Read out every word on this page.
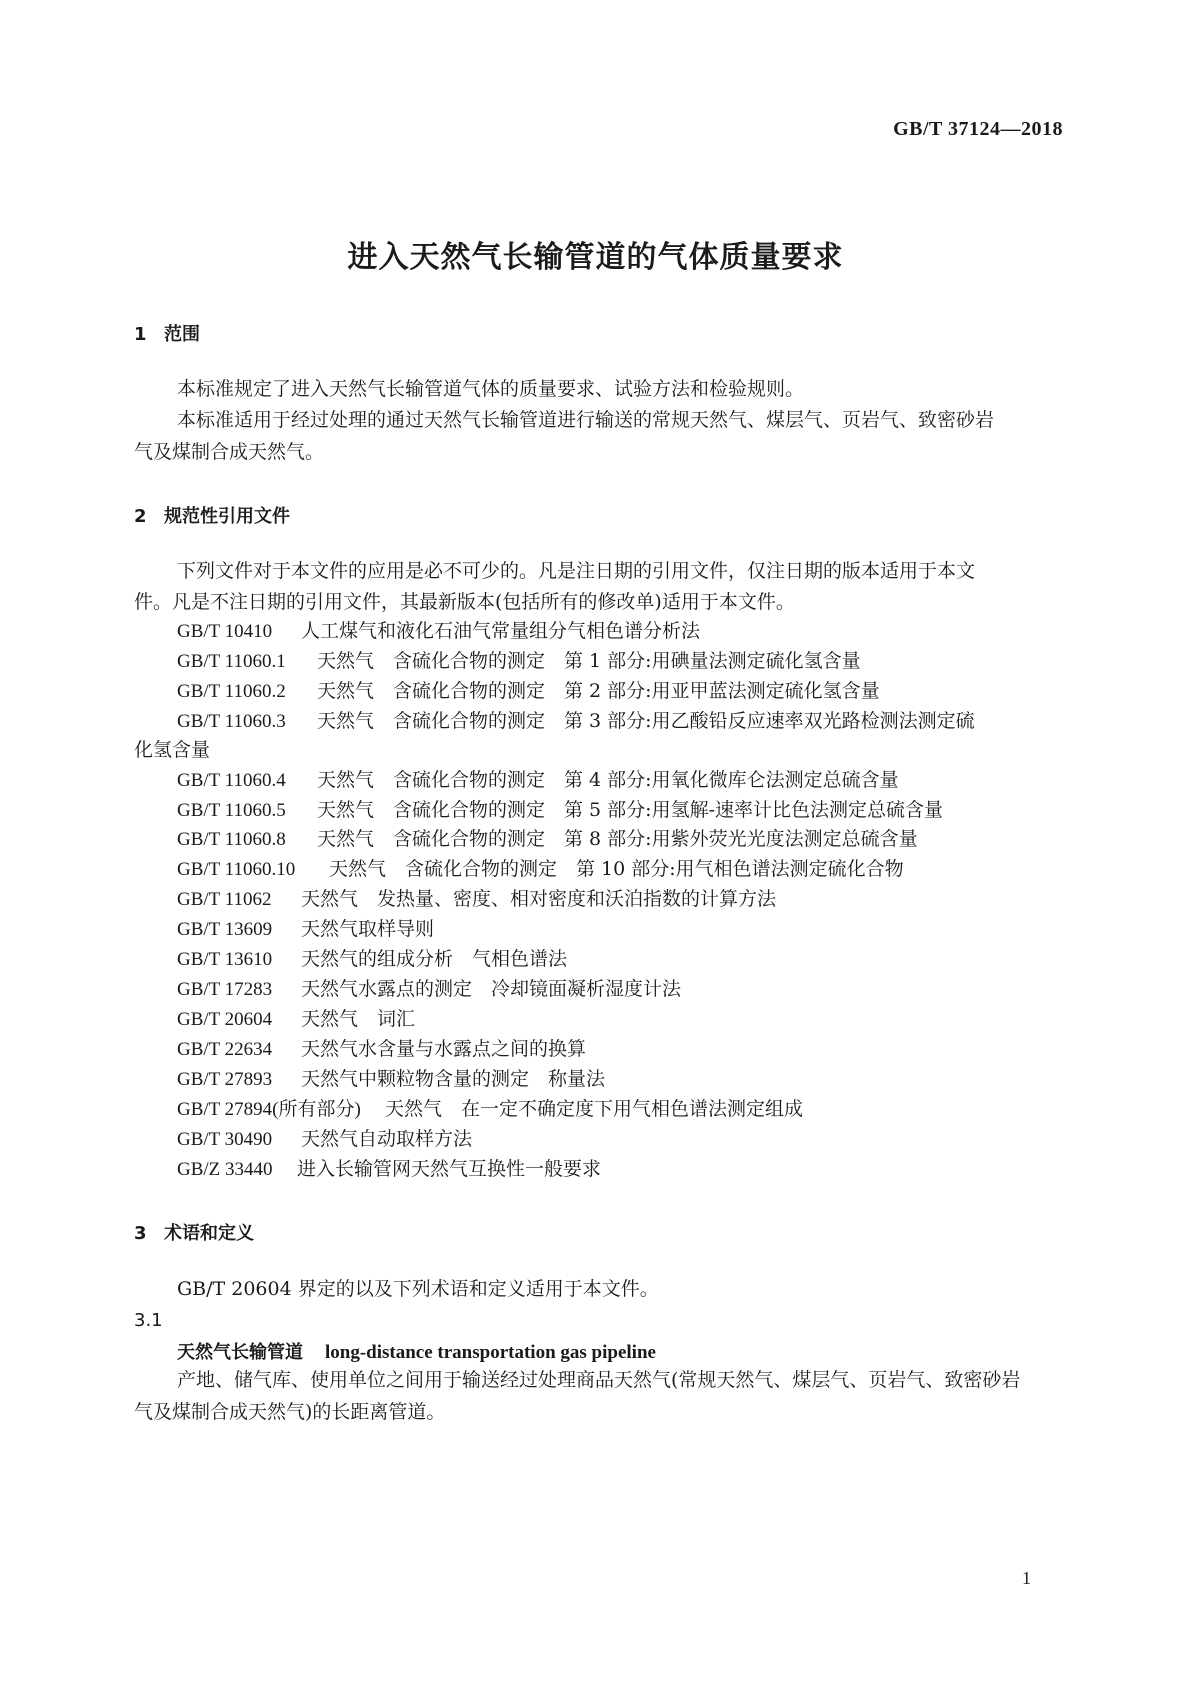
GB/T 37124—2018
进入天然气长输管道的气体质量要求
1 范围
本标准规定了进入天然气长输管道气体的质量要求、试验方法和检验规则。
本标准适用于经过处理的通过天然气长输管道进行输送的常规天然气、煤层气、页岩气、致密砂岩
气及煤制合成天然气。
2 规范性引用文件
下列文件对于本文件的应用是必不可少的。凡是注日期的引用文件，仅注日期的版本适用于本文
件。凡是不注日期的引用文件，其最新版本(包括所有的修改单)适用于本文件。
GB/T 10410 人工煤气和液化石油气常量组分气相色谱分析法
GB/T 11060.1 天然气　含硫化合物的测定　第 1 部分:用碘量法测定硫化氢含量
GB/T 11060.2 天然气　含硫化合物的测定　第 2 部分:用亚甲蓝法测定硫化氢含量
GB/T 11060.3 天然气　含硫化合物的测定　第 3 部分:用乙酸铅反应速率双光路检测法测定硫
化氢含量
GB/T 11060.4 天然气　含硫化合物的测定　第 4 部分:用氧化微库仑法测定总硫含量
GB/T 11060.5 天然气　含硫化合物的测定　第 5 部分:用氢解-速率计比色法测定总硫含量
GB/T 11060.8 天然气　含硫化合物的测定　第 8 部分:用紫外荧光光度法测定总硫含量
GB/T 11060.10 天然气　含硫化合物的测定　第 10 部分:用气相色谱法测定硫化合物
GB/T 11062 天然气　发热量、密度、相对密度和沃泊指数的计算方法
GB/T 13609 天然气取样导则
GB/T 13610 天然气的组成分析　气相色谱法
GB/T 17283 天然气水露点的测定　冷却镜面凝析湿度计法
GB/T 20604 天然气　词汇
GB/T 22634 天然气水含量与水露点之间的换算
GB/T 27893 天然气中颗粒物含量的测定　称量法
GB/T 27894(所有部分) 天然气　在一定不确定度下用气相色谱法测定组成
GB/T 30490 天然气自动取样方法
GB/Z 33440 进入长输管网天然气互换性一般要求
3 术语和定义
GB/T 20604 界定的以及下列术语和定义适用于本文件。
3.1
天然气长输管道 long-distance transportation gas pipeline
产地、储气库、使用单位之间用于输送经过处理商品天然气(常规天然气、煤层气、页岩气、致密砂岩
气及煤制合成天然气)的长距离管道。
1
